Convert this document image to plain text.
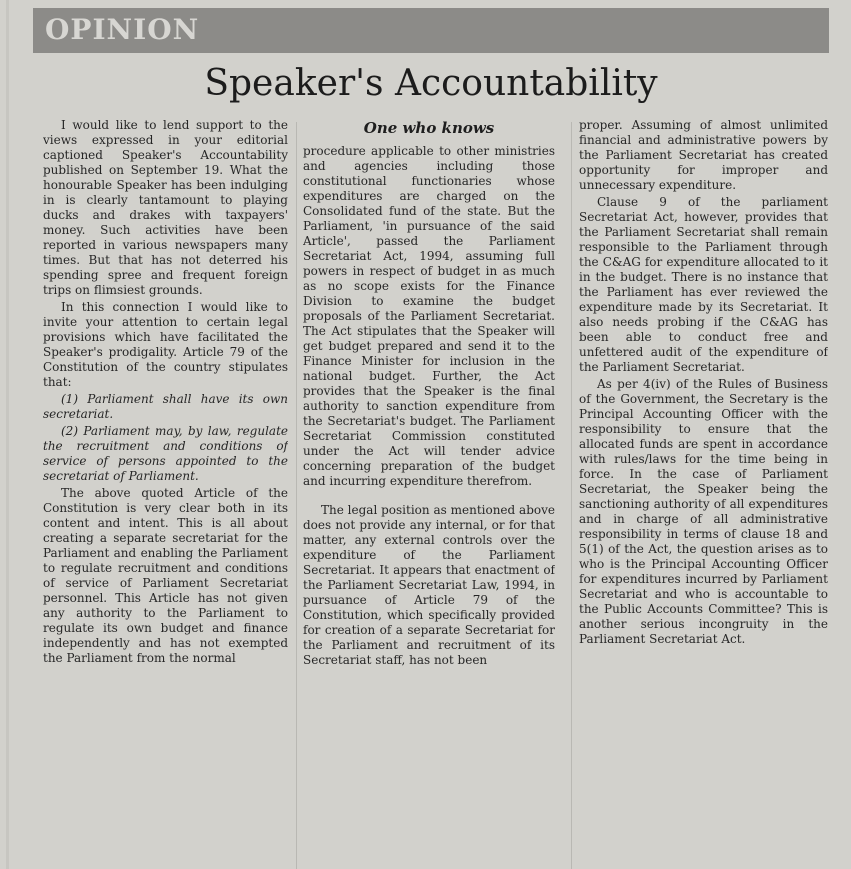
OPINION
Speaker's Accountability

I would like to lend support to the views expressed in your editorial captioned Speaker's Accountability published on September 19. What the honourable Speaker has been indulging in is clearly tantamount to playing ducks and drakes with taxpayers' money. Such activities have been reported in various newspapers many times. But that has not deterred his spending spree and frequent foreign trips on flimsiest grounds.

In this connection I would like to invite your attention to certain legal provisions which have facilitated the Speaker's prodigality. Article 79 of the Constitution of the country stipulates that:

(1) Parliament shall have its own secretariat.

(2) Parliament may, by law, regulate the recruitment and conditions of service of persons appointed to the secretariat of Parliament.

The above quoted Article of the Constitution is very clear both in its content and intent. This is all about creating a separate secretariat for the Parliament and enabling the Parliament to regulate recruitment and conditions of service of Parliament Secretariat personnel. This Article has not given any authority to the Parliament to regulate its own budget and finance independently and has not exempted the Parliament from the normal

One who knows

procedure applicable to other ministries and agencies including those constitutional functionaries whose expenditures are charged on the Consolidated fund of the state. But the Parliament, 'in pursuance of the said Article', passed the Parliament Secretariat Act, 1994, assuming full powers in respect of budget in as much as no scope exists for the Finance Division to examine the budget proposals of the Parliament Secretariat. The Act stipulates that the Speaker will get budget prepared and send it to the Finance Minister for inclusion in the national budget. Further, the Act provides that the Speaker is the final authority to sanction expenditure from the Secretariat's budget. The Parliament Secretariat Commission constituted under the Act will tender advice concerning preparation of the budget and incurring expenditure therefrom.

The legal position as mentioned above does not provide any internal, or for that matter, any external controls over the expenditure of the Parliament Secretariat. It appears that enactment of the Parliament Secretariat Law, 1994, in pursuance of Article 79 of the Constitution, which specifically provided for creation of a separate Secretariat for the Parliament and recruitment of its Secretariat staff, has not been

proper. Assuming of almost unlimited financial and administrative powers by the Parliament Secretariat has created opportunity for improper and unnecessary expenditure.

Clause 9 of the parliament Secretariat Act, however, provides that the Parliament Secretariat shall remain responsible to the Parliament through the C&AG for expenditure allocated to it in the budget. There is no instance that the Parliament has ever reviewed the expenditure made by its Secretariat. It also needs probing if the C&AG has been able to conduct free and unfettered audit of the expenditure of the Parliament Secretariat.

As per 4(iv) of the Rules of Business of the Government, the Secretary is the Principal Accounting Officer with the responsibility to ensure that the allocated funds are spent in accordance with rules/laws for the time being in force. In the case of Parliament Secretariat, the Speaker being the sanctioning authority of all expenditures and in charge of all administrative responsibility in terms of clause 18 and 5(1) of the Act, the question arises as to who is the Principal Accounting Officer for expenditures incurred by Parliament Secretariat and who is accountable to the Public Accounts Committee? This is another serious incongruity in the Parliament Secretariat Act.
